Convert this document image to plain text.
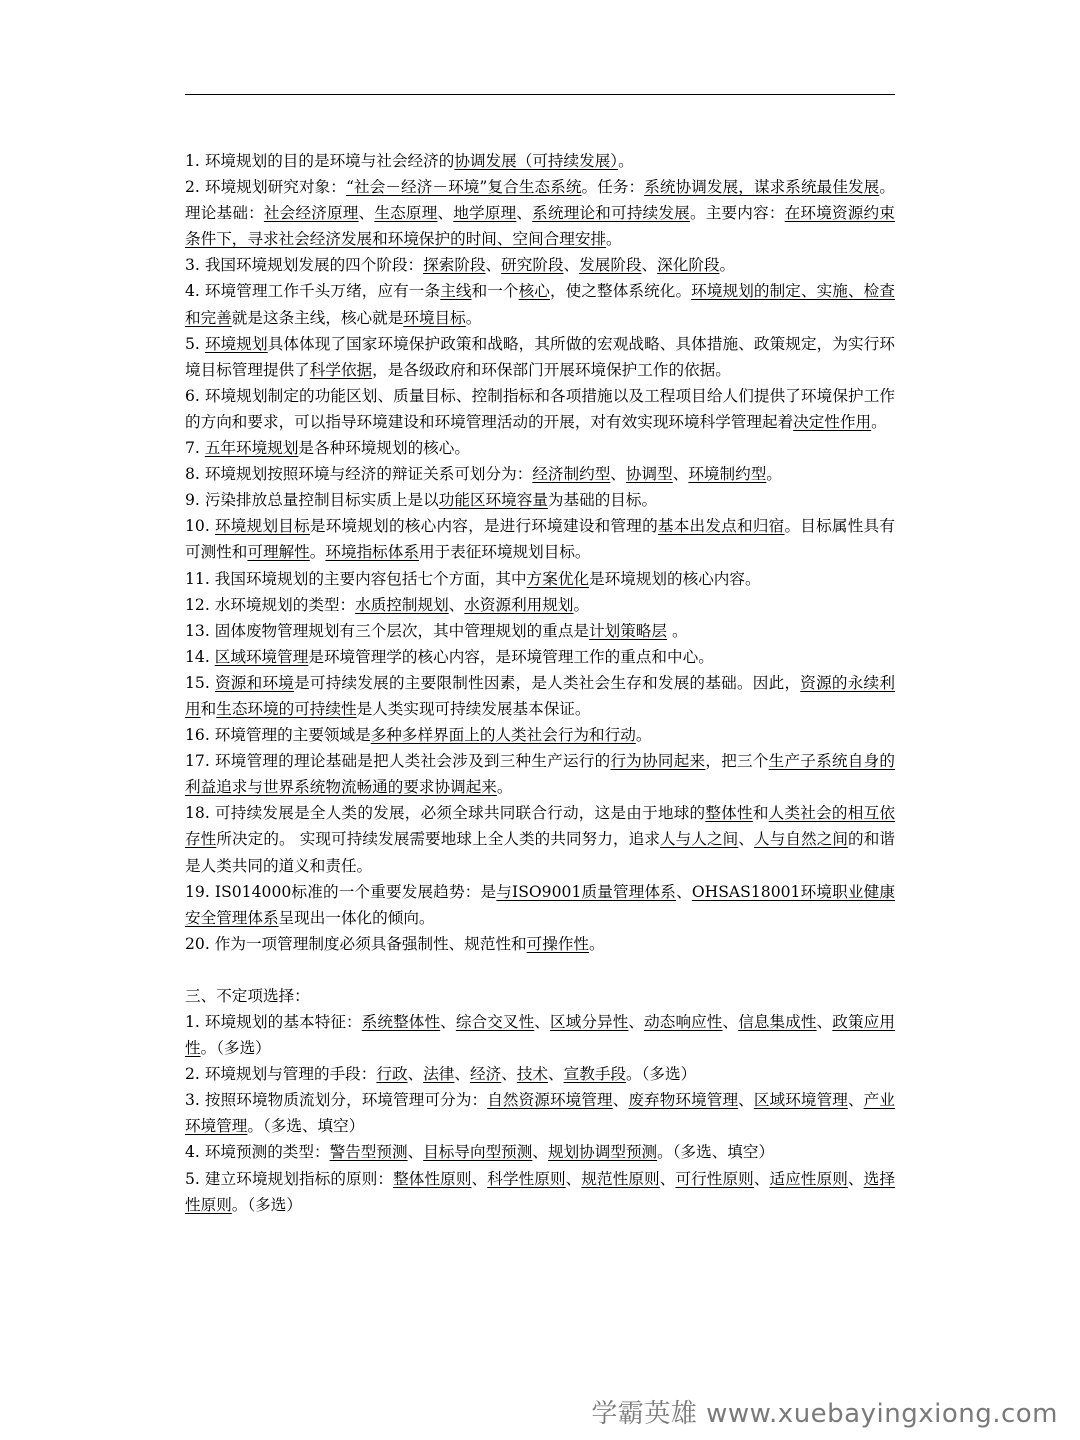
1. 环境规划的目的是环境与社会经济的协调发展（可持续发展）。

2. 环境规划研究对象：“社会－经济－环境”复合生态系统。任务：系统协调发展，谋求系统最佳发展。理论基础：社会经济原理、生态原理、地学原理、系统理论和可持续发展。主要内容：在环境资源约束条件下，寻求社会经济发展和环境保护的时间、空间合理安排。

3. 我国环境规划发展的四个阶段：探索阶段、研究阶段、发展阶段、深化阶段。

4. 环境管理工作千头万绪，应有一条主线和一个核心，使之整体系统化。环境规划的制定、实施、检查和完善就是这条主线，核心就是环境目标。

5. 环境规划具体体现了国家环境保护政策和战略，其所做的宏观战略、具体措施、政策规定，为实行环境目标管理提供了科学依据，是各级政府和环保部门开展环境保护工作的依据。

6. 环境规划制定的功能区划、质量目标、控制指标和各项措施以及工程项目给人们提供了环境保护工作的方向和要求，可以指导环境建设和环境管理活动的开展，对有效实现环境科学管理起着决定性作用。

7. 五年环境规划是各种环境规划的核心。

8. 环境规划按照环境与经济的辩证关系可划分为：经济制约型、协调型、环境制约型。

9. 污染排放总量控制目标实质上是以功能区环境容量为基础的目标。

10. 环境规划目标是环境规划的核心内容，是进行环境建设和管理的基本出发点和归宿。目标属性具有可测性和可理解性。环境指标体系用于表征环境规划目标。

11. 我国环境规划的主要内容包括七个方面，其中方案优化是环境规划的核心内容。

12. 水环境规划的类型：水质控制规划、水资源利用规划。

13. 固体废物管理规划有三个层次，其中管理规划的重点是计划策略层 。

14. 区域环境管理是环境管理学的核心内容，是环境管理工作的重点和中心。

15. 资源和环境是可持续发展的主要限制性因素，是人类社会生存和发展的基础。因此，资源的永续利用和生态环境的可持续性是人类实现可持续发展基本保证。

16. 环境管理的主要领域是多种多样界面上的人类社会行为和行动。

17. 环境管理的理论基础是把人类社会涉及到三种生产运行的行为协同起来，把三个生产子系统自身的利益追求与世界系统物流畅通的要求协调起来。

18. 可持续发展是全人类的发展，必须全球共同联合行动，这是由于地球的整体性和人类社会的相互依存性所决定的。 实现可持续发展需要地球上全人类的共同努力，追求人与人之间、人与自然之间的和谐是人类共同的道义和责任。

19. IS014000标准的一个重要发展趋势：是与ISO9001质量管理体系、OHSAS18001环境职业健康安全管理体系呈现出一体化的倾向。

20. 作为一项管理制度必须具备强制性、规范性和可操作性。

三、不定项选择：

1. 环境规划的基本特征：系统整体性、综合交叉性、区域分异性、动态响应性、信息集成性、政策应用性。（多选）

2. 环境规划与管理的手段：行政、法律、经济、技术、宣教手段。（多选）

3. 按照环境物质流划分，环境管理可分为：自然资源环境管理、废弃物环境管理、区域环境管理、产业环境管理。（多选、填空）

4. 环境预测的类型：警告型预测、目标导向型预测、规划协调型预测。（多选、填空）

5. 建立环境规划指标的原则：整体性原则、科学性原则、规范性原则、可行性原则、适应性原则、选择性原则。（多选）

学霸英雄 www.xuebayingxiong.com
